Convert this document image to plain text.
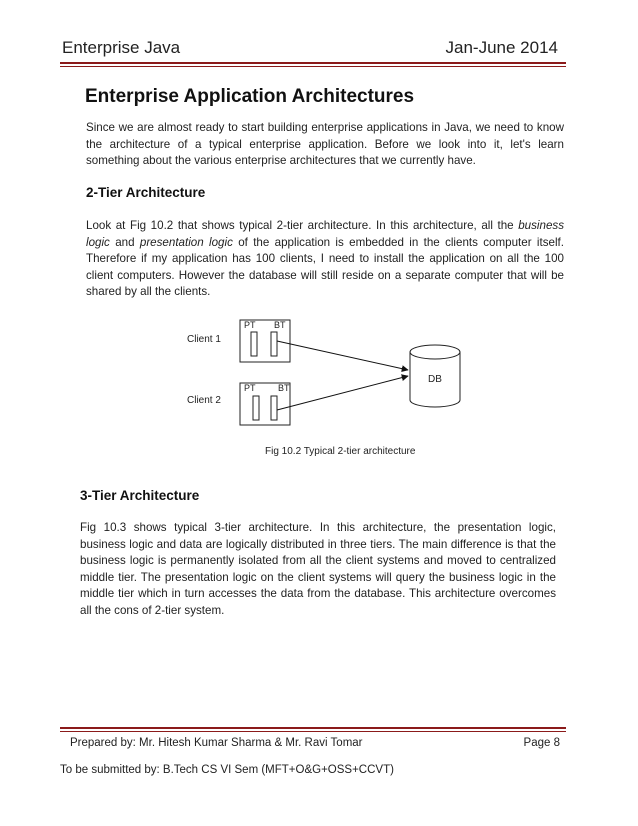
Enterprise Java	Jan-June 2014
Enterprise Application Architectures
Since we are almost ready to start building enterprise applications in Java, we need to know the architecture of a typical enterprise application. Before we look into it, let's learn something about the various enterprise architectures that we currently have.
2-Tier Architecture
Look at Fig 10.2 that shows typical 2-tier architecture. In this architecture, all the business logic and presentation logic of the application is embedded in the clients computer itself. Therefore if my application has 100 clients, I need to install the application on all the 100 client computers. However the database will still reside on a separate computer that will be shared by all the clients.
Client 1
PT BT
Client 2
PT BT
DB
Fig 10.2 Typical 2-tier architecture
3-Tier Architecture
Fig 10.3 shows typical 3-tier architecture. In this architecture, the presentation logic, business logic and data are logically distributed in three tiers. The main difference is that the business logic is permanently isolated from all the client systems and moved to centralized middle tier. The presentation logic on the client systems will query the business logic in the middle tier which in turn accesses the data from the database. This architecture overcomes all the cons of 2-tier system.
Prepared by: Mr. Hitesh Kumar Sharma & Mr. Ravi Tomar	Page 8
To be submitted by: B.Tech CS VI Sem (MFT+O&G+OSS+CCVT)
